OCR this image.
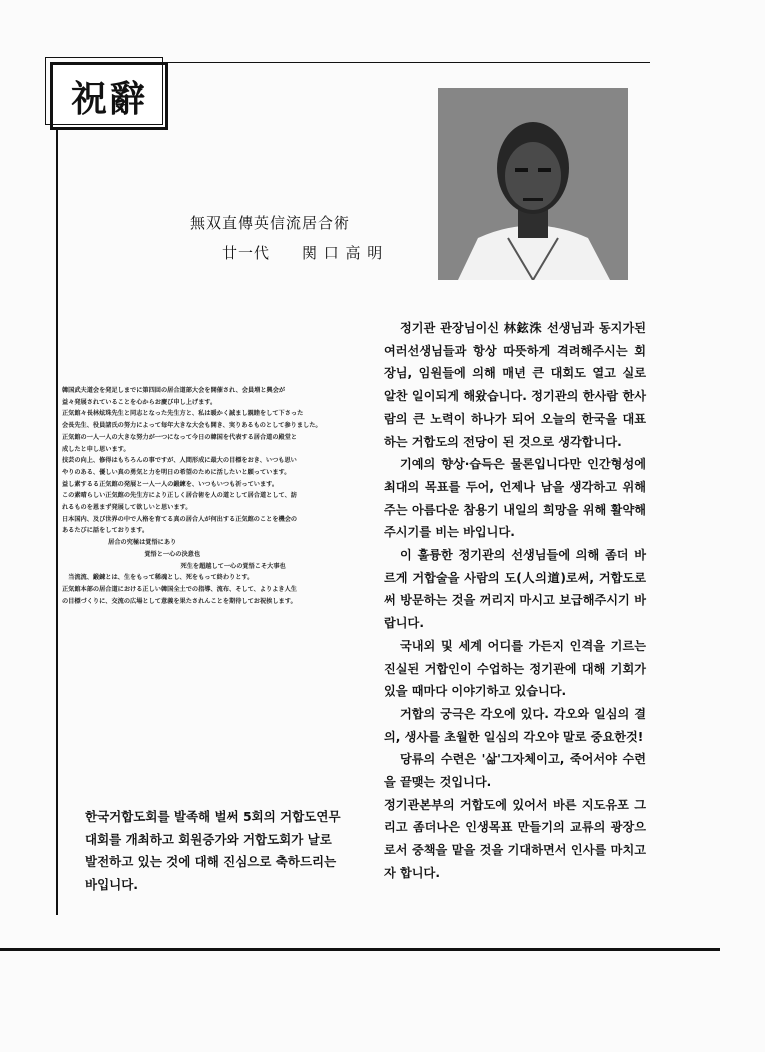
祝辭
無双直傳英信流居合術
廿一代　　関 口 高 明

韓国武夫道会を発足しまでに第四回の居合道部大会を開催され、会員増と興会が

益々発展されていることを心からお慶び申し上げます。

正気館々長林炫珠先生と同志となった先生方と、私は暖かく誠まし親睦をして下さった

会長先生、役員諸氏の努力によって毎年大きな大会も開き、実りあるものとして参りました。

正気館の一人一人の大きな努力が一つになって今日の韓国を代表する居合道の殿堂と

成したと申し思います。

技芸の向上、修得はもちろんの事ですが、人間形成に最大の目標をおき、いつも思い

やりのある、優しい真の勇気と力を明日の希望のために活したいと願っています。

益し素するる正気館の発展と一人一人の鍛練を、いつもいつも祈っています。

この素晴らしい正気館の先生方により正しく居合術を人の道として居合道として、訪

れるものを恩まず発展して欲しいと思います。

日本国内、及び世界の中で人格を育てる真の居合人が何出する正気館のことを機会の

あるたびに話をしております。

　居合の究極は覚悟にあり

　　覚悟と一心の決意也

　　　死生を超越して一心の覚悟こそ大事也

　当流流、鍛錬とは、生をもって稀魂とし、死をもって終わりとす。

正気館本部の居合道における正しい韓国全土での指導、流布、そして、よりよき人生

の目標づくりに、交流の広場として意義を果たされんことを期待してお祝挨します。

정기관 관장님이신 林鉉洙 선생님과 동지가된 여러선생님들과 항상 따뜻하게 격려해주시는 회장님, 임원들에 의해 매년 큰 대회도 열고 실로 알찬 일이되게 해왔습니다. 정기관의 한사람 한사람의 큰 노력이 하나가 되어 오늘의 한국을 대표하는 거합도의 전당이 된 것으로 생각합니다.

기예의 향상·습득은 물론입니다만 인간형성에 최대의 목표를 두어, 언제나 남을 생각하고 위해주는 아름다운 참용기 내일의 희망을 위해 활약해 주시기를 비는 바입니다.

이 훌륭한 정기관의 선생님들에 의해 좀더 바르게 거합술을 사람의 도(人의道)로써, 거합도로써 방문하는 것을 꺼리지 마시고 보급해주시기 바랍니다.

국내외 및 세계 어디를 가든지 인격을 기르는 진실된 거합인이 수업하는 정기관에 대해 기회가 있을 때마다 이야기하고 있습니다.

거합의 궁극은 각오에 있다. 각오와 일심의 결의, 생사를 초월한 일심의 각오야 말로 중요한것!

당류의 수련은 '삶'그자체이고, 죽어서야 수련을 끝맺는 것입니다.

정기관본부의 거합도에 있어서 바른 지도유포 그리고 좀더나은 인생목표 만들기의 교류의 광장으로서 중책을 맡을 것을 기대하면서 인사를 마치고자 합니다.

한국거합도회를 발족해 벌써 5회의 거합도연무대회를 개최하고 회원증가와 거합도회가 날로 발전하고 있는 것에 대해 진심으로 축하드리는 바입니다.
